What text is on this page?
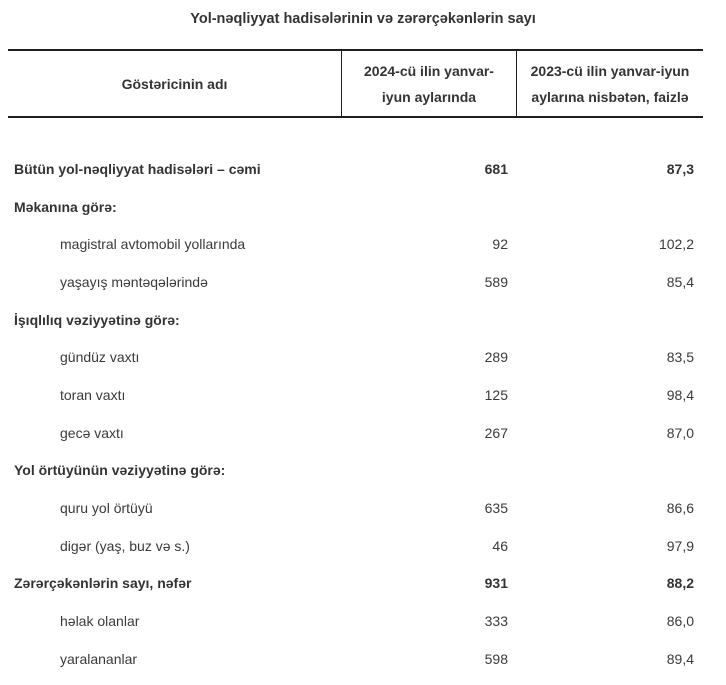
Yol-nəqliyyat hadisələrinin və zərərçəkənlərin sayı
Göstəricinin adı
2024-cü ilin yanvar-
iyun aylarında
2023-cü ilin yanvar-iyun
aylarına nisbətən, faizlə
Bütün yol-nəqliyyat hadisələri – cəmi	681	87,3
Məkanına görə:
magistral avtomobil yollarında	92	102,2
yaşayış məntəqələrində	589	85,4
İşıqlılıq vəziyyətinə görə:
gündüz vaxtı	289	83,5
toran vaxtı	125	98,4
gecə vaxtı	267	87,0
Yol örtüyünün vəziyyətinə görə:
quru yol örtüyü	635	86,6
digər (yaş, buz və s.)	46	97,9
Zərərçəkənlərin sayı, nəfər	931	88,2
həlak olanlar	333	86,0
yaralananlar	598	89,4
